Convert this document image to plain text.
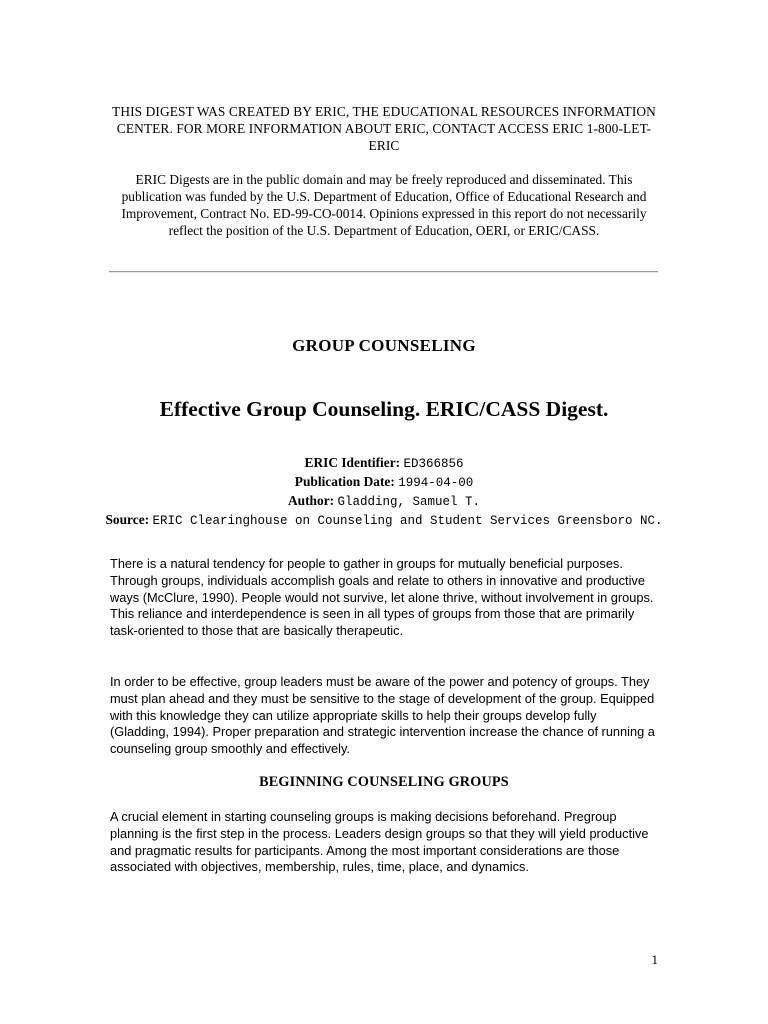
THIS DIGEST WAS CREATED BY ERIC, THE EDUCATIONAL RESOURCES INFORMATION CENTER. FOR MORE INFORMATION ABOUT ERIC, CONTACT ACCESS ERIC 1-800-LET-ERIC
ERIC Digests are in the public domain and may be freely reproduced and disseminated. This publication was funded by the U.S. Department of Education, Office of Educational Research and Improvement, Contract No. ED-99-CO-0014. Opinions expressed in this report do not necessarily reflect the position of the U.S. Department of Education, OERI, or ERIC/CASS.
GROUP COUNSELING
Effective Group Counseling. ERIC/CASS Digest.
ERIC Identifier: ED366856
Publication Date: 1994-04-00
Author: Gladding, Samuel T.
Source: ERIC Clearinghouse on Counseling and Student Services Greensboro NC.
There is a natural tendency for people to gather in groups for mutually beneficial purposes. Through groups, individuals accomplish goals and relate to others in innovative and productive ways (McClure, 1990). People would not survive, let alone thrive, without involvement in groups. This reliance and interdependence is seen in all types of groups from those that are primarily task-oriented to those that are basically therapeutic.
In order to be effective, group leaders must be aware of the power and potency of groups. They must plan ahead and they must be sensitive to the stage of development of the group. Equipped with this knowledge they can utilize appropriate skills to help their groups develop fully (Gladding, 1994). Proper preparation and strategic intervention increase the chance of running a counseling group smoothly and effectively.
BEGINNING COUNSELING GROUPS
A crucial element in starting counseling groups is making decisions beforehand. Pregroup planning is the first step in the process. Leaders design groups so that they will yield productive and pragmatic results for participants. Among the most important considerations are those associated with objectives, membership, rules, time, place, and dynamics.
1
